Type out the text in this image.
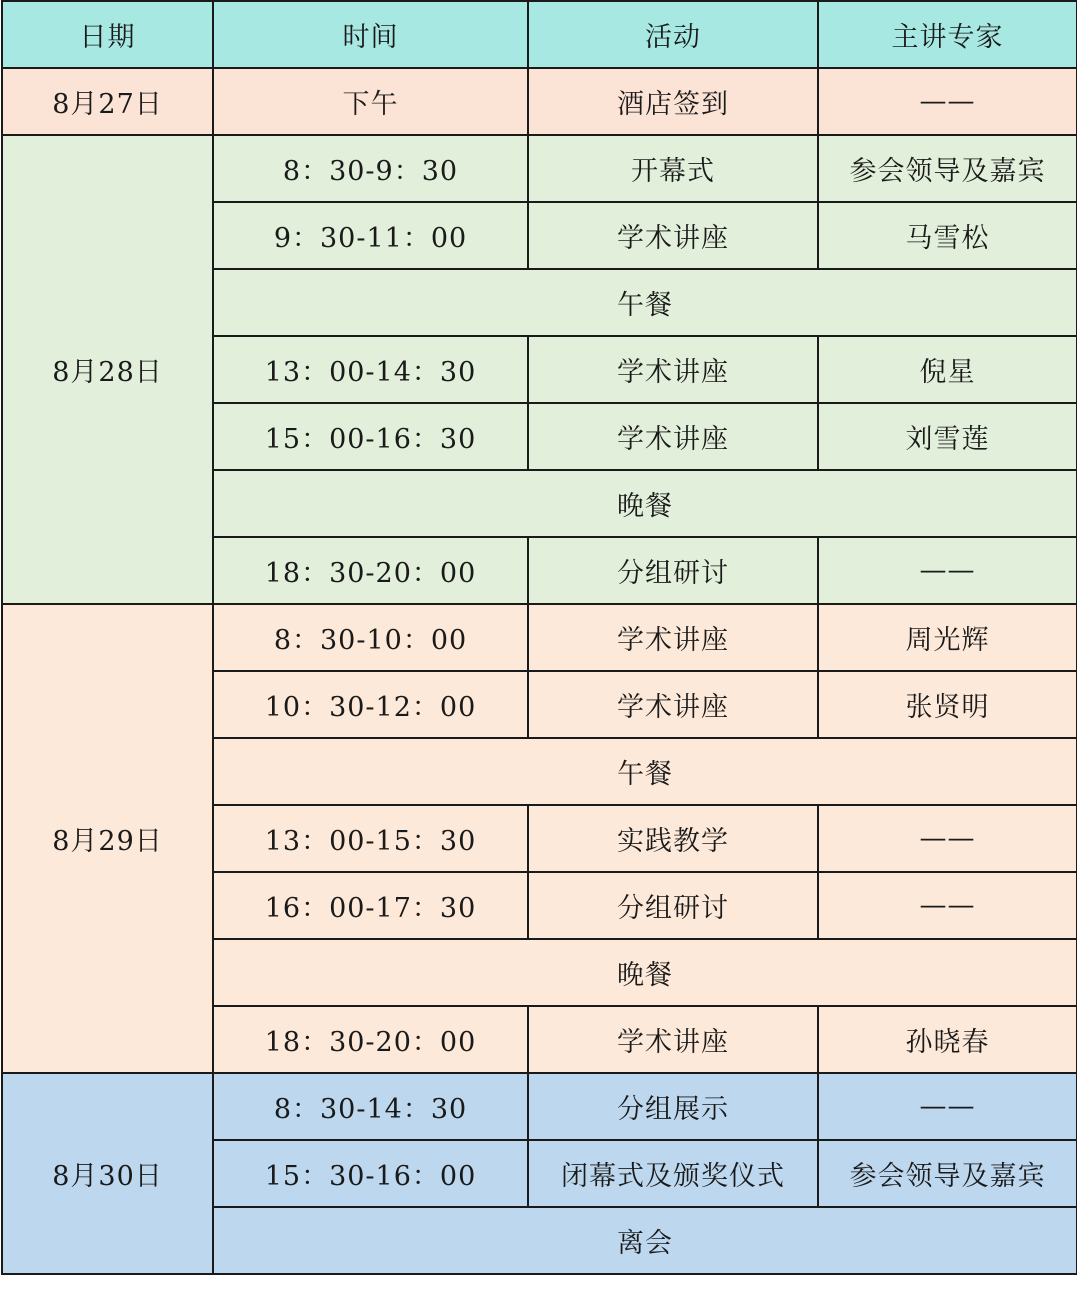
日期	时间	活动	主讲专家
8月27日	下午	酒店签到	——
8月28日	8：30-9：30	开幕式	参会领导及嘉宾
	9：30-11：00	学术讲座	马雪松
	午餐		
	13：00-14：30	学术讲座	倪星
	15：00-16：30	学术讲座	刘雪莲
	晚餐		
	18：30-20：00	分组研讨	——
8月29日	8：30-10：00	学术讲座	周光辉
	10：30-12：00	学术讲座	张贤明
	午餐		
	13：00-15：30	实践教学	——
	16：00-17：30	分组研讨	——
	晚餐		
	18：30-20：00	学术讲座	孙晓春
8月30日	8：30-14：30	分组展示	——
	15：30-16：00	闭幕式及颁奖仪式	参会领导及嘉宾
	离会		
